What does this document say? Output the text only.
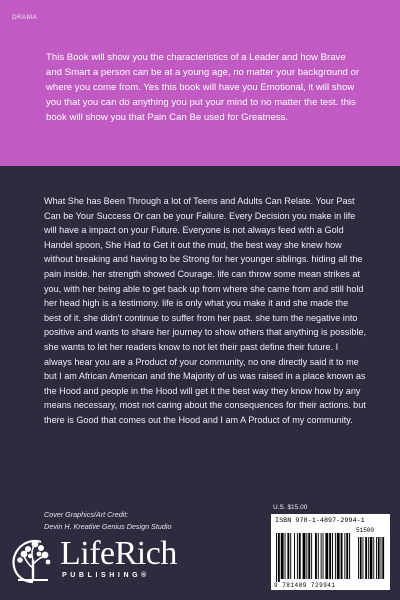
DRAMA
This Book will show you the characteristics of a Leader and how Brave and Smart a person can be at a young age, no matter your background or where you come from. Yes this book will have you Emotional, it will show you that you can do anything you put your mind to no matter the test. this book will show you that Pain Can Be used for Greatness.
What She has Been Through a lot of Teens and Adults Can Relate. Your Past Can be Your Success Or can be your Failure. Every Decision you make in life will have a impact on your Future. Everyone is not always feed with a Gold Handel spoon, She Had to Get it out the mud, the best way she knew how without breaking and having to be Strong for her younger siblings. hiding all the pain inside. her strength showed Courage. life can throw some mean strikes at you, with her being able to get back up from where she came from and still hold her head high is a testimony. life is only what you make it and she made the best of it. she didn't continue to suffer from her past. she turn the negative into positive and wants to share her journey to show others that anything is possible, she wants to let her readers know to not let their past define their future. I always hear you are a Product of your community, no one directly said it to me but I am African American and the Majority of us was raised in a place known as the Hood and people in the Hood will get it the best way they know how by any means necessary, most not caring about the consequences for their actions. but there is Good that comes out the Hood and I am A Product of my community.
Cover Graphics/Art Credit:
Devin H. Kreative Genius Design Studio
LifeRich
PUBLISHING®
U.S. $15.00
ISBN 978-1-4897-2994-1
51500
9 781489 729941
